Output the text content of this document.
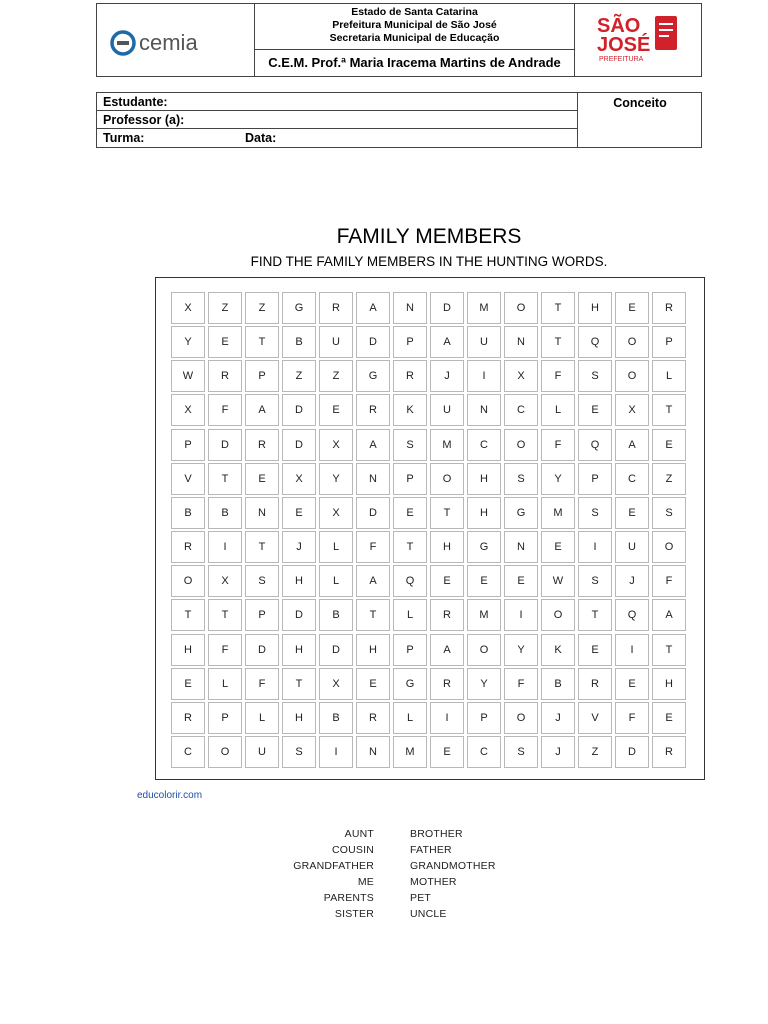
cemia
Estado de Santa Catarina
Prefeitura Municipal de São José
Secretaria Municipal de Educação
C.E.M. Prof.ª Maria Iracema Martins de Andrade
SÃO
JOSÉ
PREFEITURA
Estudante:
Professor (a):
Turma:	Data:
Conceito
FAMILY MEMBERS
FIND THE FAMILY MEMBERS IN THE HUNTING WORDS.
X	Z	Z	G	R	A	N	D	M	O	T	H	E	R
Y	E	T	B	U	D	P	A	U	N	T	Q	O	P
W	R	P	Z	Z	G	R	J	I	X	F	S	O	L
X	F	A	D	E	R	K	U	N	C	L	E	X	T
P	D	R	D	X	A	S	M	C	O	F	Q	A	E
V	T	E	X	Y	N	P	O	H	S	Y	P	C	Z
B	B	N	E	X	D	E	T	H	G	M	S	E	S
R	I	T	J	L	F	T	H	G	N	E	I	U	O
O	X	S	H	L	A	Q	E	E	E	W	S	J	F
T	T	P	D	B	T	L	R	M	I	O	T	Q	A
H	F	D	H	D	H	P	A	O	Y	K	E	I	T
E	L	F	T	X	E	G	R	Y	F	B	R	E	H
R	P	L	H	B	R	L	I	P	O	J	V	F	E
C	O	U	S	I	N	M	E	C	S	J	Z	D	R
educolorir.com
AUNT
COUSIN
GRANDFATHER
ME
PARENTS
SISTER
BROTHER
FATHER
GRANDMOTHER
MOTHER
PET
UNCLE
